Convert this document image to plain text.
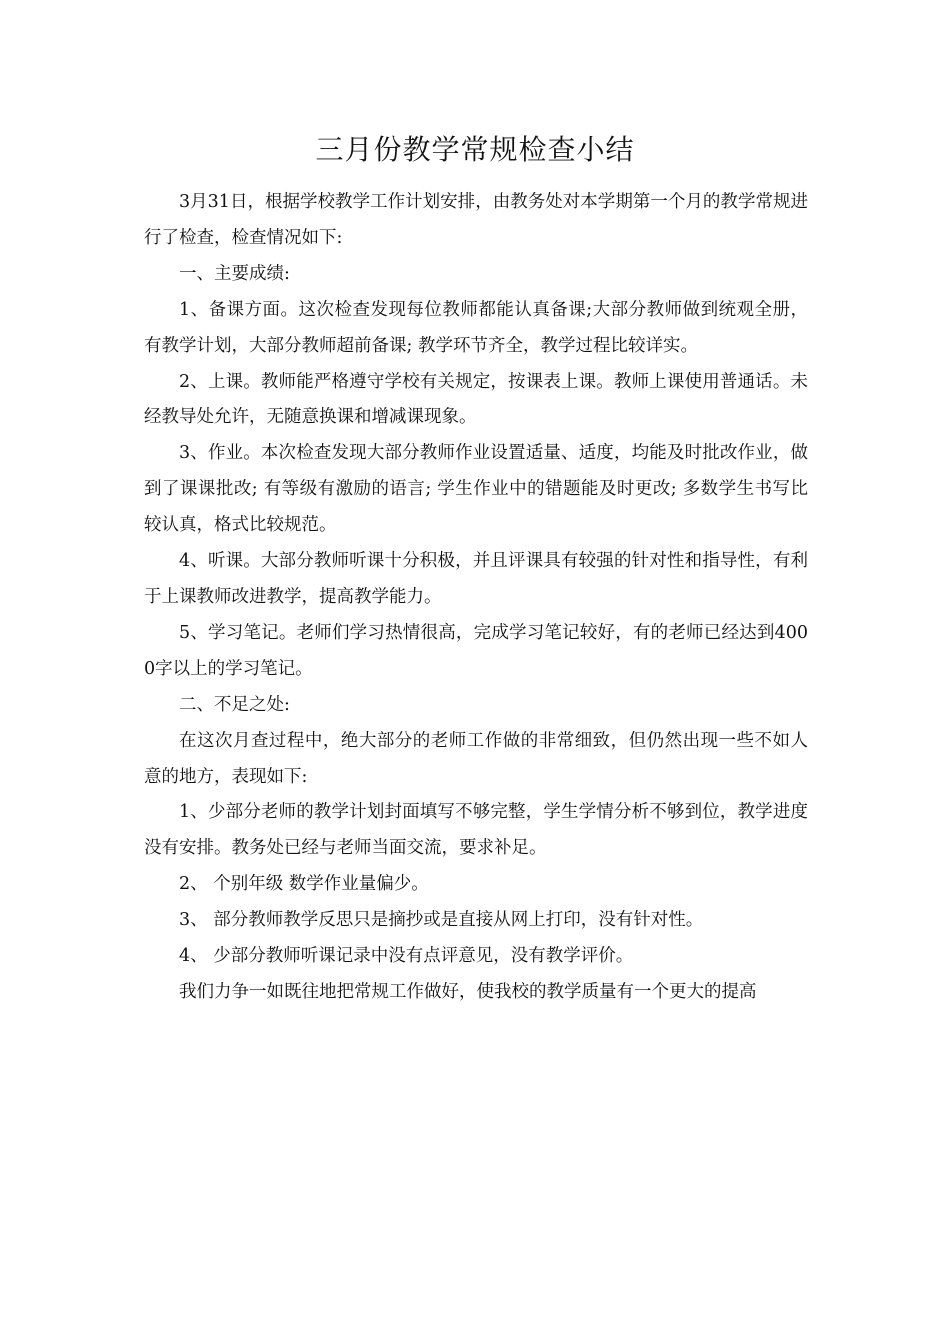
三月份教学常规检查小结

3月31日，根据学校教学工作计划安排，由教务处对本学期第一个月的教学常规进行了检查，检查情况如下:

一、主要成绩:

1、备课方面。这次检查发现每位教师都能认真备课;大部分教师做到统观全册，有教学计划，大部分教师超前备课; 教学环节齐全，教学过程比较详实。

2、上课。教师能严格遵守学校有关规定，按课表上课。教师上课使用普通话。未经教导处允许，无随意换课和增减课现象。

3、作业。本次检查发现大部分教师作业设置适量、适度，均能及时批改作业，做到了课课批改; 有等级有激励的语言; 学生作业中的错题能及时更改; 多数学生书写比较认真，格式比较规范。

4、听课。大部分教师听课十分积极，并且评课具有较强的针对性和指导性，有利于上课教师改进教学，提高教学能力。

5、学习笔记。老师们学习热情很高，完成学习笔记较好，有的老师已经达到4000字以上的学习笔记。

二、不足之处:

在这次月查过程中，绝大部分的老师工作做的非常细致，但仍然出现一些不如人意的地方，表现如下:

1、少部分老师的教学计划封面填写不够完整，学生学情分析不够到位，教学进度没有安排。教务处已经与老师当面交流，要求补足。

2、 个别年级 数学作业量偏少。

3、 部分教师教学反思只是摘抄或是直接从网上打印，没有针对性。

4、 少部分教师听课记录中没有点评意见，没有教学评价。

我们力争一如既往地把常规工作做好，使我校的教学质量有一个更大的提高
